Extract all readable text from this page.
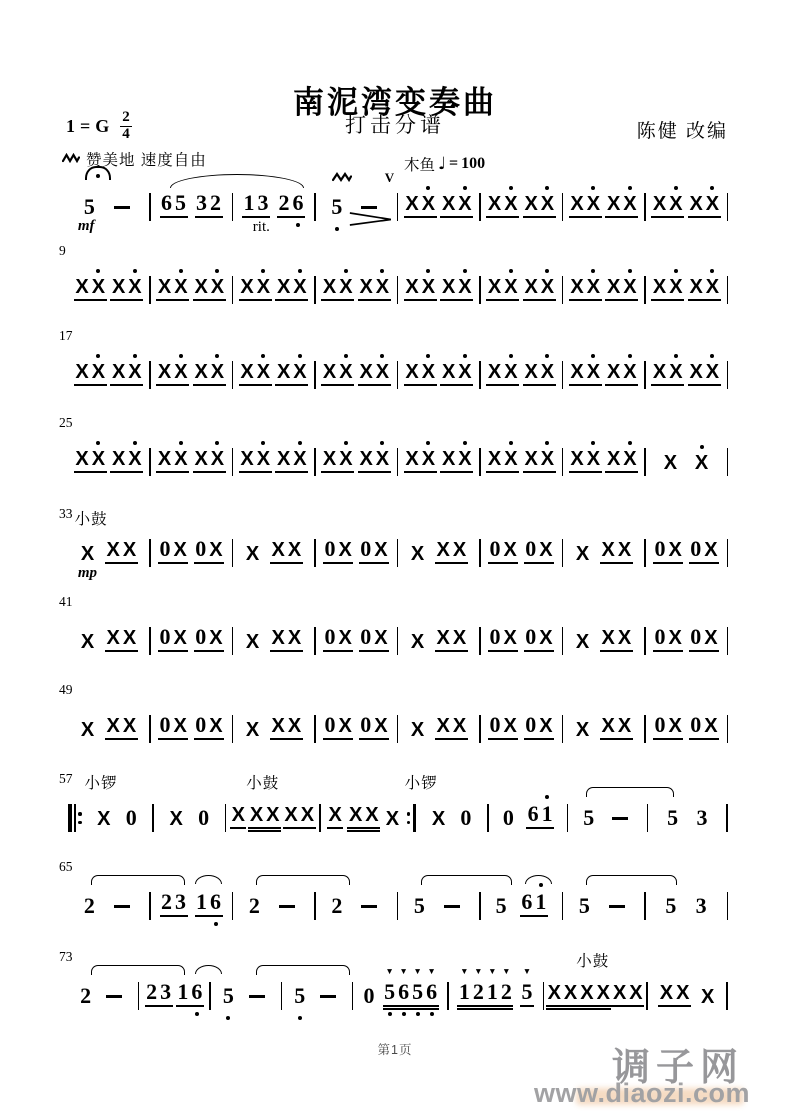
南泥湾变奏曲
打击分谱	陈健 改编
1 = G $\frac{2}{4}$
赞美地 速度自由	木鱼 ♩ = 100
5	6 5 3 2 1 3 2 6 5	X X X X X X X X X X X X X X X X
mf	rit.
V
9
X X X X X X X X X X X X X X X X X X X X X X X X X X X X X X X X
17
X X X X X X X X X X X X X X X X X X X X X X X X X X X X X X X X
25
X X X X X X X X X X X X X X X X X X X X X X X X X X X X X X
33
X X X 0 X 0 X X X X 0 X 0 X X X X 0 X 0 X X X X 0 X 0 X
小鼓
mp
41
X X X 0 X 0 X X X X 0 X 0 X X X X 0 X 0 X X X X 0 X 0 X
49
X X X 0 X 0 X X X X 0 X 0 X X X X 0 X 0 X X X X 0 X 0 X
57
X 0 X 0 X X X X X X X X X X 0 0 6 1 5	5 3
小锣	小鼓	小锣
65
2	2 3 1 6 2	2	5	5 6 1 5	5 3
73
2	2 3 1 6 5	5	0 5
▼
6
▼
5
▼
6
▼
1
▼
2
▼
1
▼
2
▼
5
▼
X X X X X X X X X
小鼓
第1页	调子网
www.diaozi.com
